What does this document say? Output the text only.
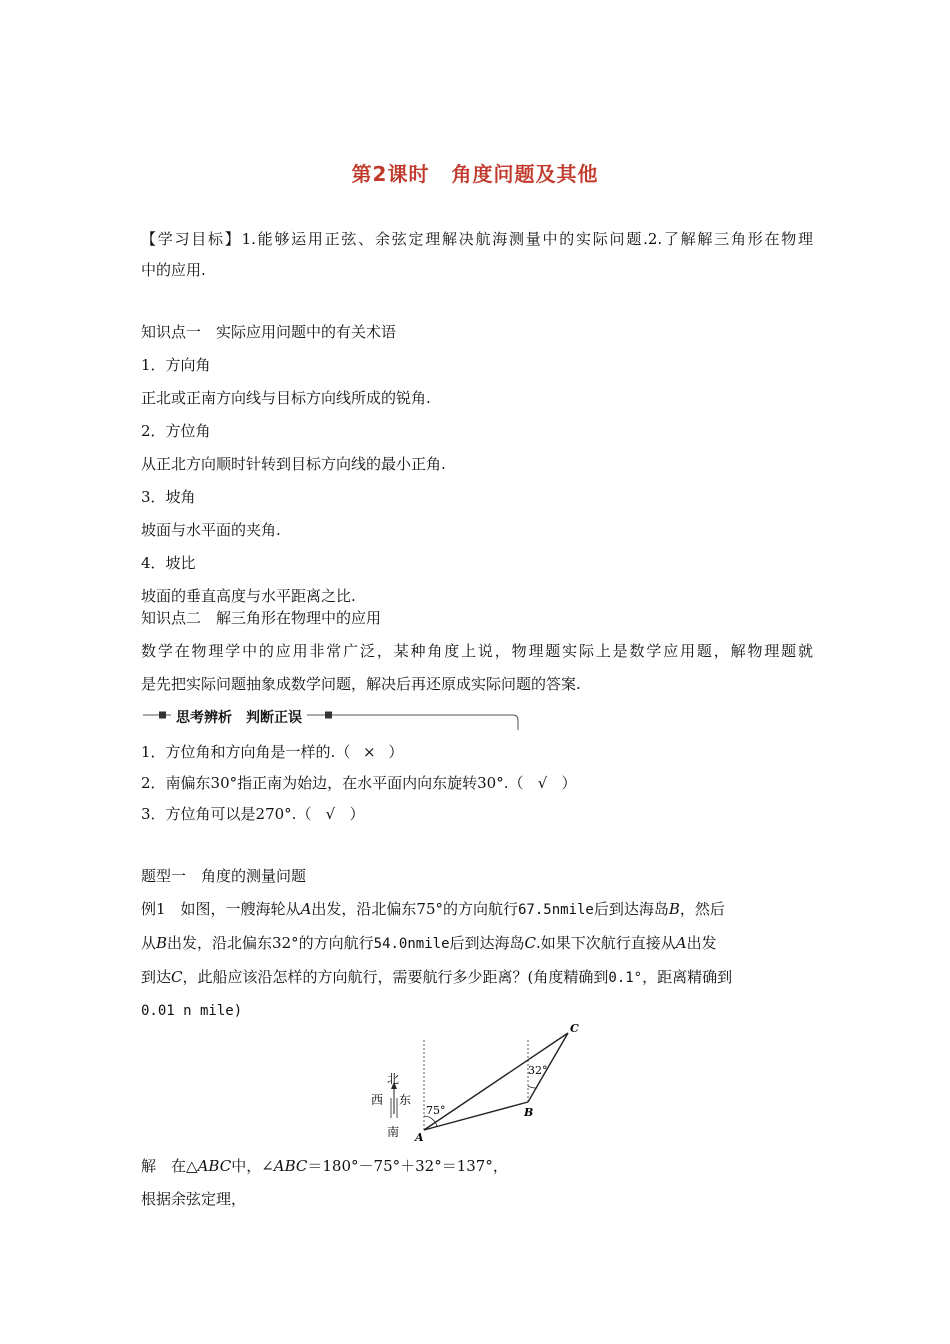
第2课时 角度问题及其他
【学习目标】1.能够运用正弦、余弦定理解决航海测量中的实际问题.2.了解解三角形在物理
中的应用.
知识点一　实际应用问题中的有关术语
1．方向角
正北或正南方向线与目标方向线所成的锐角.
2．方位角
从正北方向顺时针转到目标方向线的最小正角.
3．坡角
坡面与水平面的夹角.
4．坡比
坡面的垂直高度与水平距离之比.
知识点二　解三角形在物理中的应用
数学在物理学中的应用非常广泛，某种角度上说，物理题实际上是数学应用题，解物理题就
是先把实际问题抽象成数学问题，解决后再还原成实际问题的答案.
思考辨析　判断正误
1．方位角和方向角是一样的.（ × ）
2．南偏东30°指正南为始边，在水平面内向东旋转30°.（ √ ）
3．方位角可以是270°.（ √ ）
题型一　角度的测量问题
例1　如图，一艘海轮从A出发，沿北偏东75°的方向航行67.5nmile后到达海岛B，然后
从B出发，沿北偏东32°的方向航行54.0nmile后到达海岛C.如果下次航行直接从A出发
到达C，此船应该沿怎样的方向航行，需要航行多少距离？(角度精确到0.1°，距离精确到
0.01 n mile)
北
西 东
南
75°
32°
A
B
C
解　在△ABC中，∠ABC＝180°－75°＋32°＝137°，
根据余弦定理，
